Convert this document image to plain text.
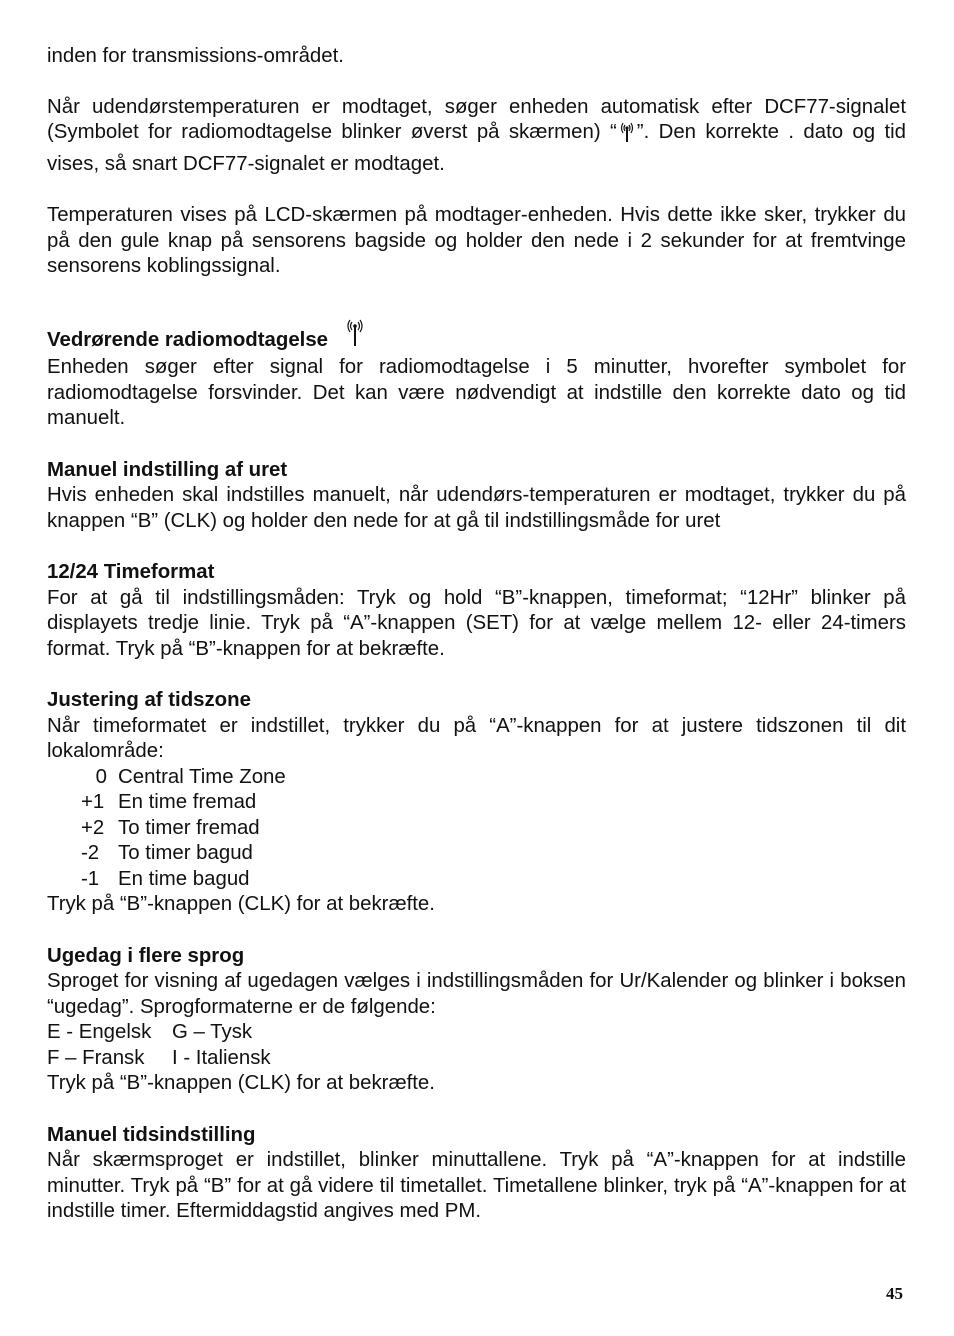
inden for transmissions-området.

Når udendørstemperaturen er modtaget, søger enheden automatisk efter DCF77-signalet (Symbolet for radiomodtagelse blinker øverst på skærmen) “ ”. Den korrekte . dato og tid vises, så snart DCF77-signalet er modtaget.

Temperaturen vises på LCD-skærmen på modtager-enheden. Hvis dette ikke sker, trykker du på den gule knap på sensorens bagside og holder den nede i 2 sekunder for at fremtvinge sensorens koblingssignal.

Vedrørende radiomodtagelse

Enheden søger efter signal for radiomodtagelse i 5 minutter, hvorefter symbolet for radiomodtagelse forsvinder. Det kan være nødvendigt at indstille den korrekte dato og tid manuelt.

Manuel indstilling af uret

Hvis enheden skal indstilles manuelt, når udendørs-temperaturen er modtaget, trykker du på knappen “B” (CLK) og holder den nede for at gå til indstillingsmåde for uret

12/24 Timeformat

For at gå til indstillingsmåden: Tryk og hold “B”-knappen, timeformat; “12Hr” blinker på displayets tredje linie. Tryk på “A”-knappen (SET) for at vælge mellem 12- eller 24-timers format. Tryk på “B”-knappen for at bekræfte.

Justering af tidszone

Når timeformatet er indstillet, trykker du på “A”-knappen for at justere tidszonen til dit lokalområde:

0 Central Time Zone
+1 En time fremad
+2 To timer fremad
-2 To timer bagud
-1 En time bagud

Tryk på “B”-knappen (CLK) for at bekræfte.

Ugedag i flere sprog

Sproget for visning af ugedagen vælges i indstillingsmåden for Ur/Kalender og blinker i boksen “ugedag”. Sprogformaterne er de følgende:

E - Engelsk	G – Tysk
F – Fransk	I - Italiensk

Tryk på “B”-knappen (CLK) for at bekræfte.

Manuel tidsindstilling

Når skærmsproget er indstillet, blinker minuttallene. Tryk på “A”-knappen for at indstille minutter. Tryk på “B” for at gå videre til timetallet. Timetallene blinker, tryk på “A”-knappen for at indstille timer. Eftermiddagstid angives med PM.

45
